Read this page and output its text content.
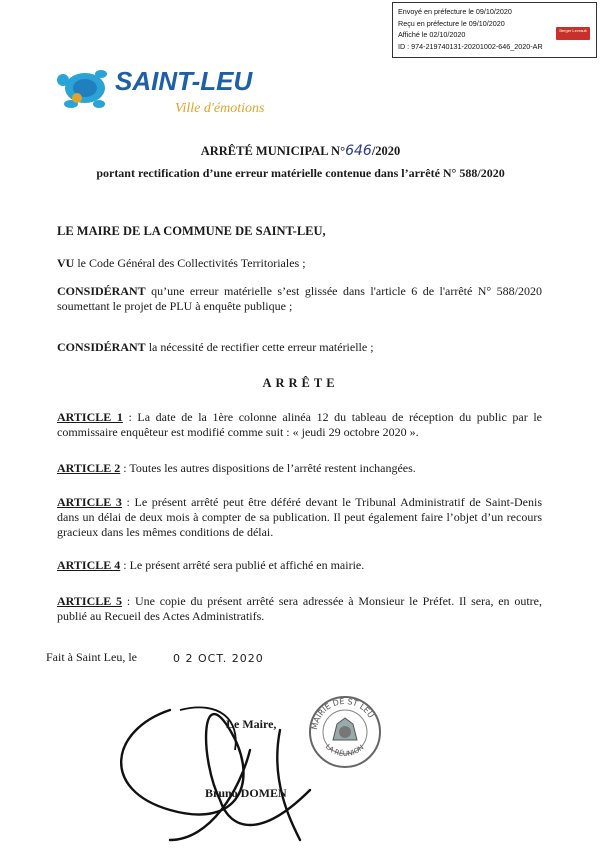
Envoyé en préfecture le 09/10/2020
Reçu en préfecture le 09/10/2020
Affiché le 02/10/2020
ID : 974-219740131-20201002-646_2020-AR
Berger Levrault
SAINT-LEU
Ville d'émotions
ARRÊTÉ MUNICIPAL N°646/2020
portant rectification d’une erreur matérielle contenue dans l’arrêté N° 588/2020
LE MAIRE DE LA COMMUNE DE SAINT-LEU,
VU le Code Général des Collectivités Territoriales ;
CONSIDÉRANT qu’une erreur matérielle s’est glissée dans l'article 6 de l'arrêté N° 588/2020 soumettant le projet de PLU à enquête publique ;
CONSIDÉRANT la nécessité de rectifier cette erreur matérielle ;
ARRÊTE
ARTICLE 1 : La date de la 1ère colonne alinéa 12 du tableau de réception du public par le commissaire enquêteur est modifié comme suit : « jeudi 29 octobre 2020 ».
ARTICLE 2 : Toutes les autres dispositions de l’arrêté restent inchangées.
ARTICLE 3 : Le présent arrêté peut être déféré devant le Tribunal Administratif de Saint-Denis dans un délai de deux mois à compter de sa publication. Il peut également faire l’objet d’un recours gracieux dans les mêmes conditions de délai.
ARTICLE 4 : Le présent arrêté sera publié et affiché en mairie.
ARTICLE 5 : Une copie du présent arrêté sera adressée à Monsieur le Préfet. Il sera, en outre, publié au Recueil des Actes Administratifs.
Fait à Saint Leu, le	0 2 OCT. 2020
Le Maire,
Bruno DOMEN
MAIRIE DE ST LEU
LA RÉUNION
